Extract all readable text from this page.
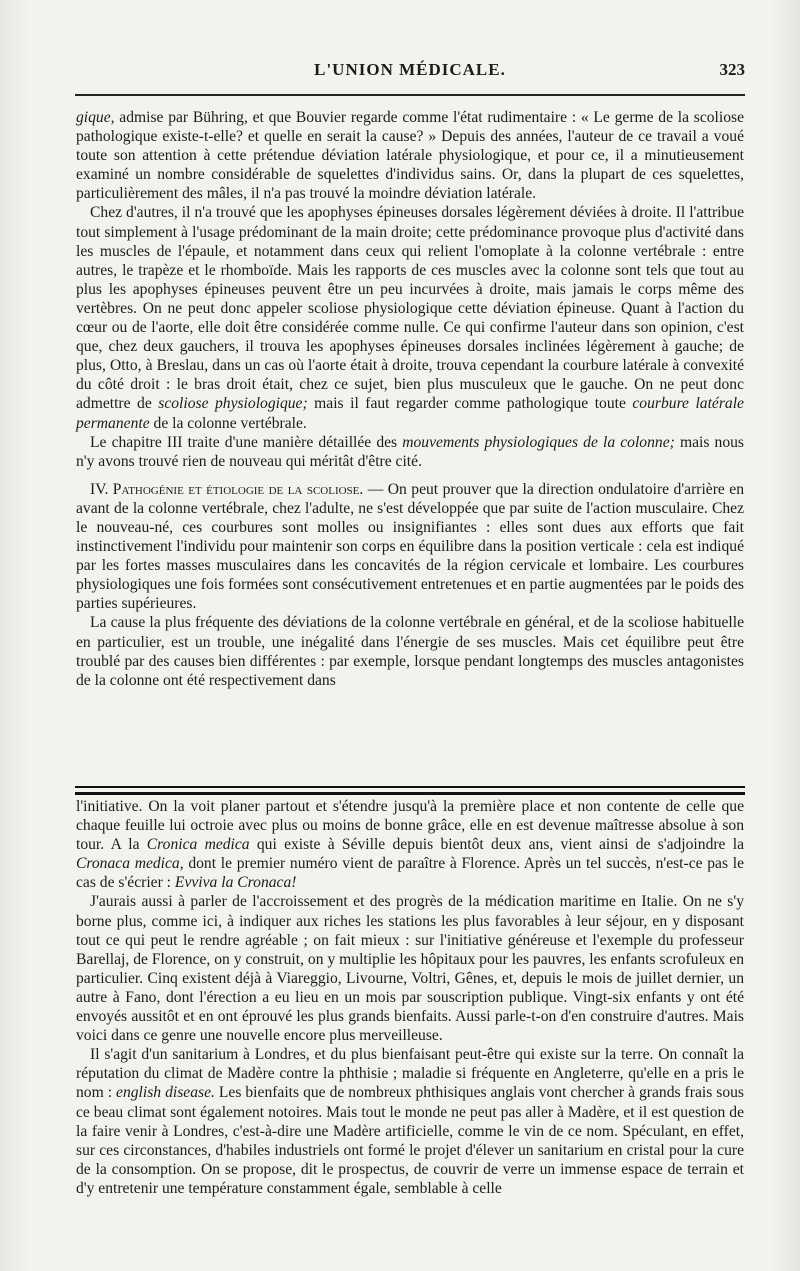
L'UNION MÉDICALE.	323

gique, admise par Bühring, et que Bouvier regarde comme l'état rudimentaire : « Le germe de la scoliose pathologique existe-t-elle? et quelle en serait la cause? » Depuis des années, l'auteur de ce travail a voué toute son attention à cette prétendue déviation latérale physiologique, et pour ce, il a minutieusement examiné un nombre considérable de squelettes d'individus sains. Or, dans la plupart de ces squelettes, particulièrement des mâles, il n'a pas trouvé la moindre déviation latérale.

Chez d'autres, il n'a trouvé que les apophyses épineuses dorsales légèrement déviées à droite. Il l'attribue tout simplement à l'usage prédominant de la main droite; cette prédominance provoque plus d'activité dans les muscles de l'épaule, et notamment dans ceux qui relient l'omoplate à la colonne vertébrale : entre autres, le trapèze et le rhomboïde. Mais les rapports de ces muscles avec la colonne sont tels que tout au plus les apophyses épineuses peuvent être un peu incurvées à droite, mais jamais le corps même des vertèbres. On ne peut donc appeler scoliose physiologique cette déviation épineuse. Quant à l'action du cœur ou de l'aorte, elle doit être considérée comme nulle. Ce qui confirme l'auteur dans son opinion, c'est que, chez deux gauchers, il trouva les apophyses épineuses dorsales inclinées légèrement à gauche; de plus, Otto, à Breslau, dans un cas où l'aorte était à droite, trouva cependant la courbure latérale à convexité du côté droit : le bras droit était, chez ce sujet, bien plus musculeux que le gauche. On ne peut donc admettre de scoliose physiologique; mais il faut regarder comme pathologique toute courbure latérale permanente de la colonne vertébrale.

Le chapitre III traite d'une manière détaillée des mouvements physiologiques de la colonne; mais nous n'y avons trouvé rien de nouveau qui méritât d'être cité.

IV. Pathogénie et étiologie de la scoliose. — On peut prouver que la direction ondulatoire d'arrière en avant de la colonne vertébrale, chez l'adulte, ne s'est développée que par suite de l'action musculaire. Chez le nouveau-né, ces courbures sont molles ou insignifiantes : elles sont dues aux efforts que fait instinctivement l'individu pour maintenir son corps en équilibre dans la position verticale : cela est indiqué par les fortes masses musculaires dans les concavités de la région cervicale et lombaire. Les courbures physiologiques une fois formées sont consécutivement entretenues et en partie augmentées par le poids des parties supérieures.

La cause la plus fréquente des déviations de la colonne vertébrale en général, et de la scoliose habituelle en particulier, est un trouble, une inégalité dans l'énergie de ses muscles. Mais cet équilibre peut être troublé par des causes bien différentes : par exemple, lorsque pendant longtemps des muscles antagonistes de la colonne ont été respectivement dans

l'initiative. On la voit planer partout et s'étendre jusqu'à la première place et non contente de celle que chaque feuille lui octroie avec plus ou moins de bonne grâce, elle en est devenue maîtresse absolue à son tour. A la Cronica medica qui existe à Séville depuis bientôt deux ans, vient ainsi de s'adjoindre la Cronaca medica, dont le premier numéro vient de paraître à Florence. Après un tel succès, n'est-ce pas le cas de s'écrier : Evviva la Cronaca!

J'aurais aussi à parler de l'accroissement et des progrès de la médication maritime en Italie. On ne s'y borne plus, comme ici, à indiquer aux riches les stations les plus favorables à leur séjour, en y disposant tout ce qui peut le rendre agréable ; on fait mieux : sur l'initiative généreuse et l'exemple du professeur Barellaj, de Florence, on y construit, on y multiplie les hôpitaux pour les pauvres, les enfants scrofuleux en particulier. Cinq existent déjà à Viareggio, Livourne, Voltri, Gênes, et, depuis le mois de juillet dernier, un autre à Fano, dont l'érection a eu lieu en un mois par souscription publique. Vingt-six enfants y ont été envoyés aussitôt et en ont éprouvé les plus grands bienfaits. Aussi parle-t-on d'en construire d'autres. Mais voici dans ce genre une nouvelle encore plus merveilleuse.

Il s'agit d'un sanitarium à Londres, et du plus bienfaisant peut-être qui existe sur la terre. On connaît la réputation du climat de Madère contre la phthisie ; maladie si fréquente en Angleterre, qu'elle en a pris le nom : english disease. Les bienfaits que de nombreux phthisiques anglais vont chercher à grands frais sous ce beau climat sont également notoires. Mais tout le monde ne peut pas aller à Madère, et il est question de la faire venir à Londres, c'est-à-dire une Madère artificielle, comme le vin de ce nom. Spéculant, en effet, sur ces circonstances, d'habiles industriels ont formé le projet d'élever un sanitarium en cristal pour la cure de la consomption. On se propose, dit le prospectus, de couvrir de verre un immense espace de terrain et d'y entretenir une température constamment égale, semblable à celle
